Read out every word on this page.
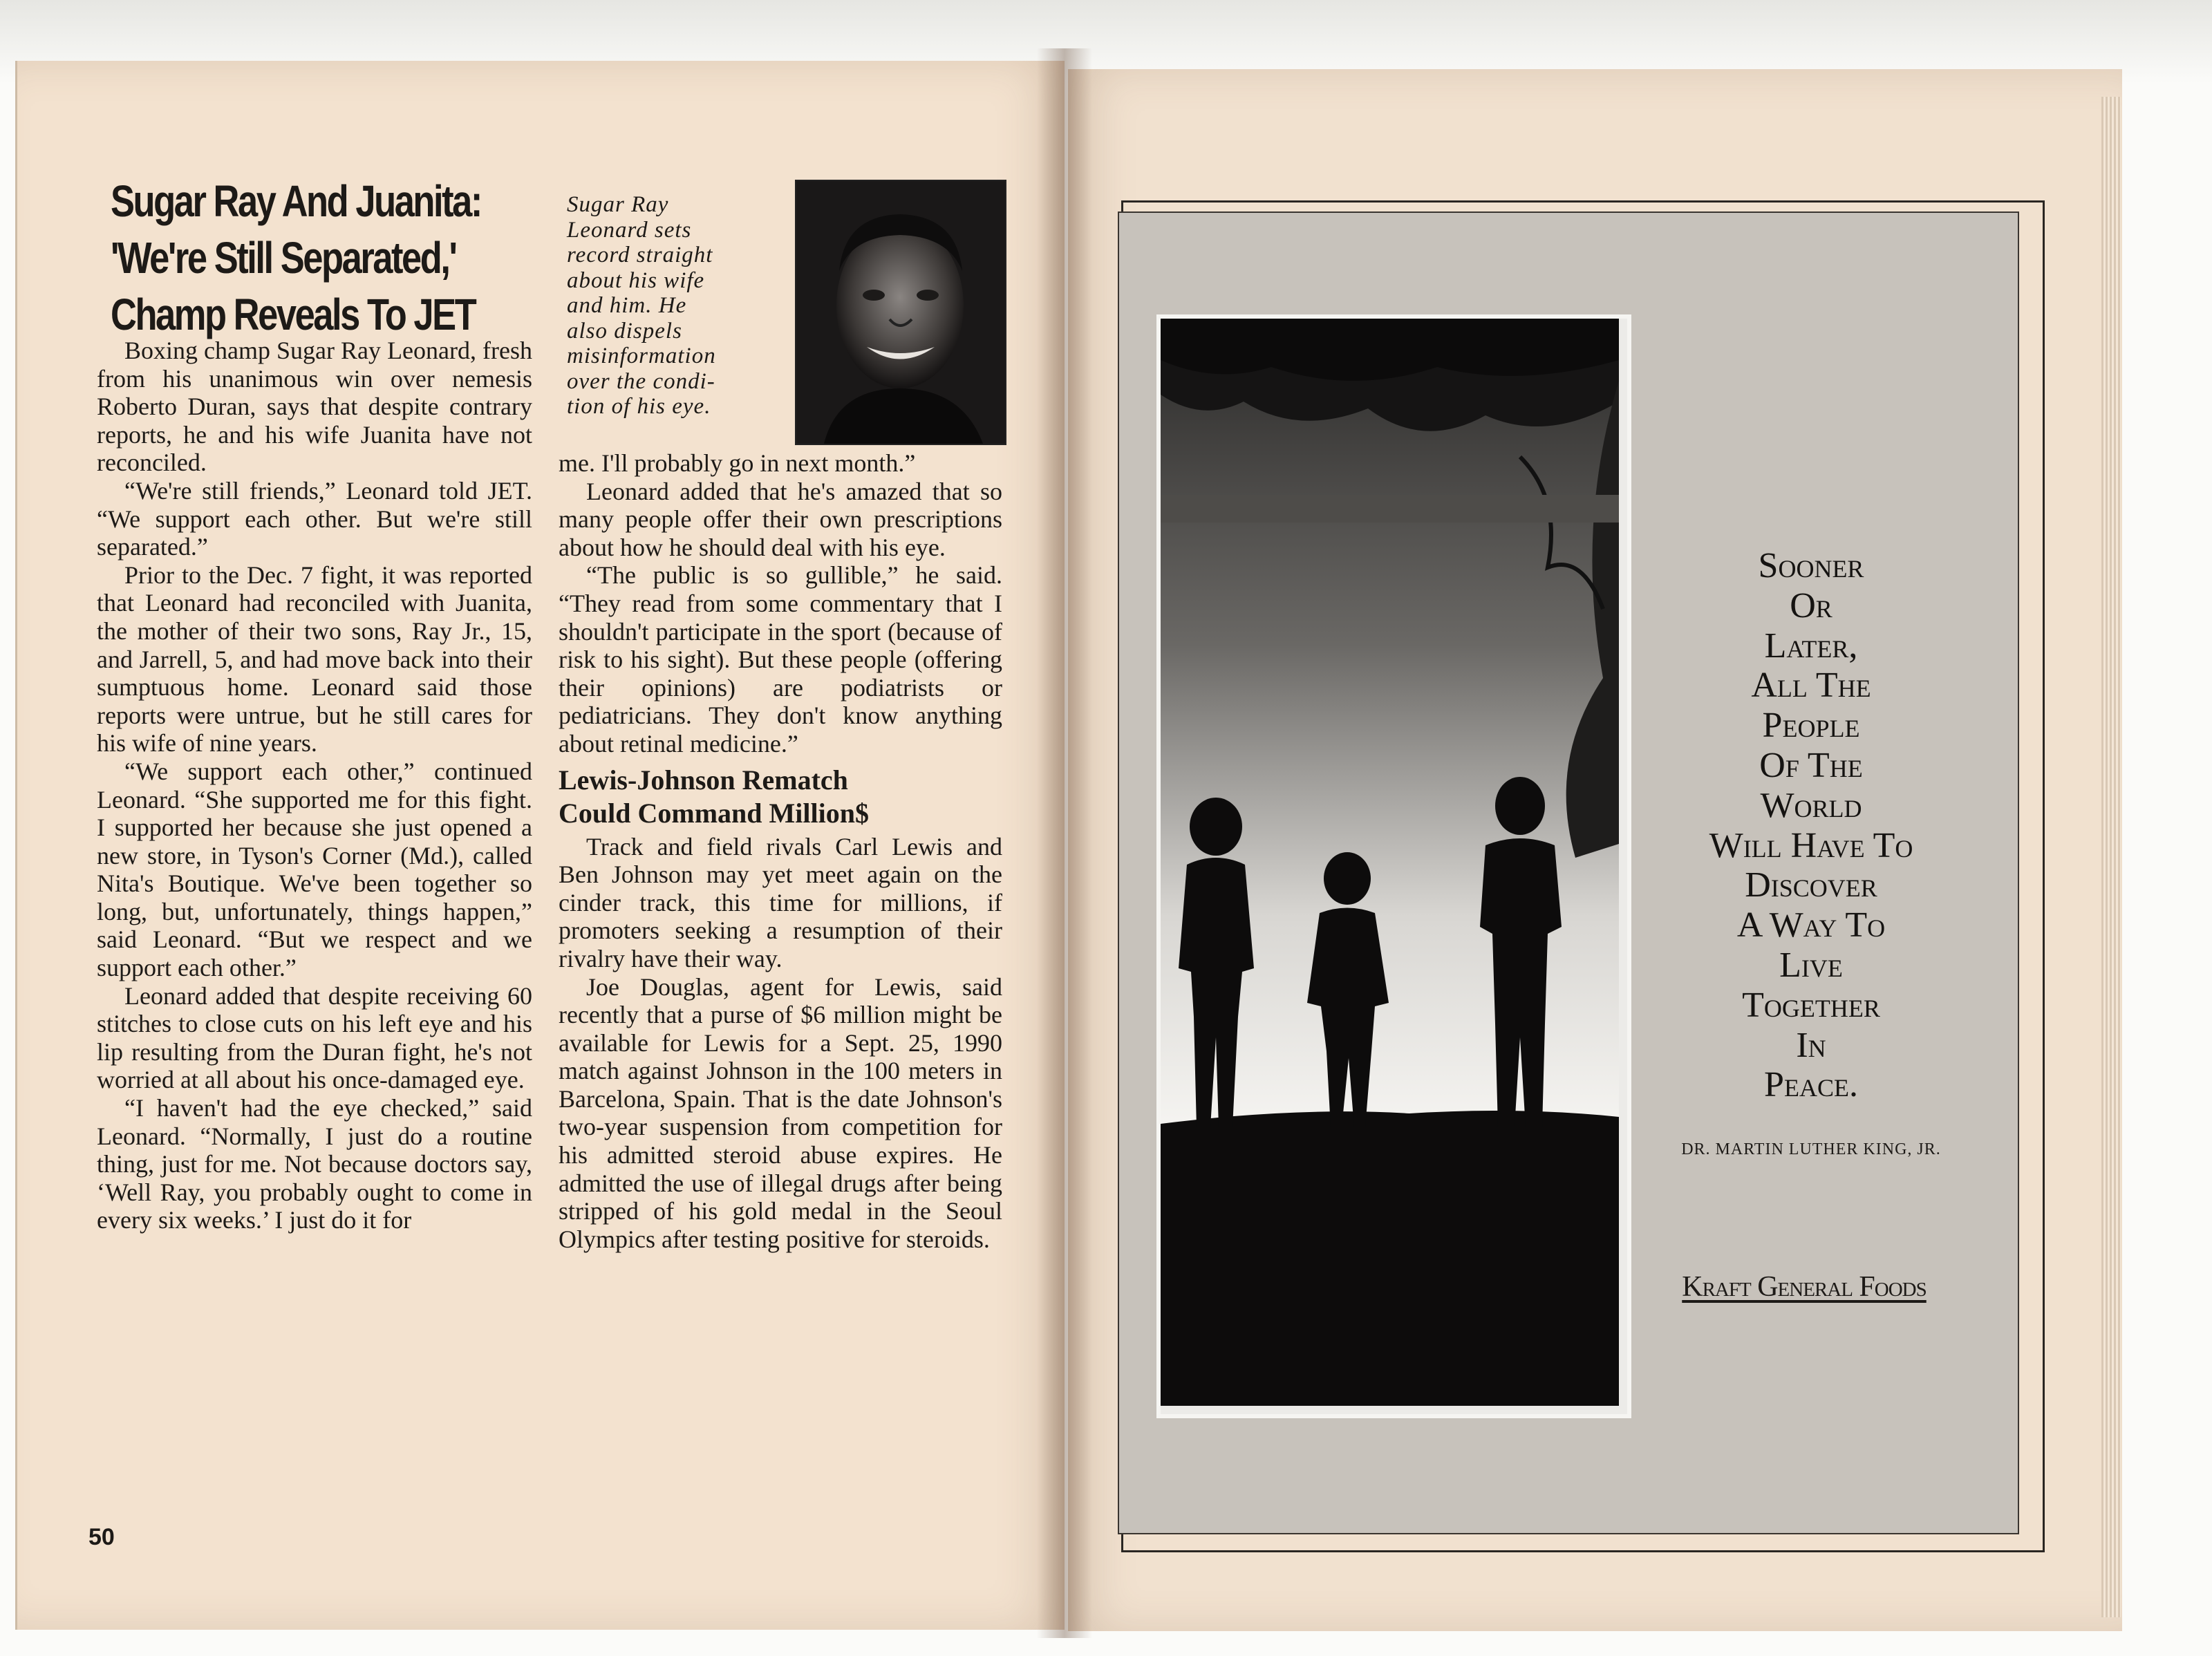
Sugar Ray And Juanita:
'We're Still Separated,'
Champ Reveals To JET
Sugar Ray
Leonard sets
record straight
about his wife
and him. He
also dispels
misinformation
over the condi-
tion of his eye.

Boxing champ Sugar Ray Leonard, fresh from his unanimous win over nemesis Roberto Duran, says that despite contrary reports, he and his wife Juanita have not reconciled.

“We're still friends,” Leonard told JET. “We support each other. But we're still separated.”

Prior to the Dec. 7 fight, it was reported that Leonard had reconciled with Juanita, the mother of their two sons, Ray Jr., 15, and Jarrell, 5, and had move back into their sumptuous home. Leonard said those reports were untrue, but he still cares for his wife of nine years.

“We support each other,” continued Leonard. “She supported me for this fight. I supported her because she just opened a new store, in Tyson's Corner (Md.), called Nita's Boutique. We've been together so long, but, unfortunately, things happen,” said Leonard. “But we respect and we support each other.”

Leonard added that despite receiving 60 stitches to close cuts on his left eye and his lip resulting from the Duran fight, he's not worried at all about his once-damaged eye.

“I haven't had the eye checked,” said Leonard. “Normally, I just do a routine thing, just for me. Not because doctors say, ‘Well Ray, you probably ought to come in every six weeks.’ I just do it for

me. I'll probably go in next month.”

Leonard added that he's amazed that so many people offer their own prescriptions about how he should deal with his eye.

“The public is so gullible,” he said. “They read from some commentary that I shouldn't participate in the sport (because of risk to his sight). But these people (offering their opinions) are podiatrists or pediatricians. They don't know anything about retinal medicine.”

Lewis-Johnson Rematch
Could Command Million$

Track and field rivals Carl Lewis and Ben Johnson may yet meet again on the cinder track, this time for millions, if promoters seeking a resumption of their rivalry have their way.

Joe Douglas, agent for Lewis, said recently that a purse of $6 million might be available for Lewis for a Sept. 25, 1990 match against Johnson in the 100 meters in Barcelona, Spain. That is the date Johnson's two-year suspension from competition for his admitted steroid abuse expires. He admitted the use of illegal drugs after being stripped of his gold medal in the Seoul Olympics after testing positive for steroids.

50
Sooner
Or
Later,
All The
People
Of The
World
Will Have To
Discover
A Way To
Live
Together
In
Peace.
DR. MARTIN LUTHER KING, JR.
Kraft General Foods
